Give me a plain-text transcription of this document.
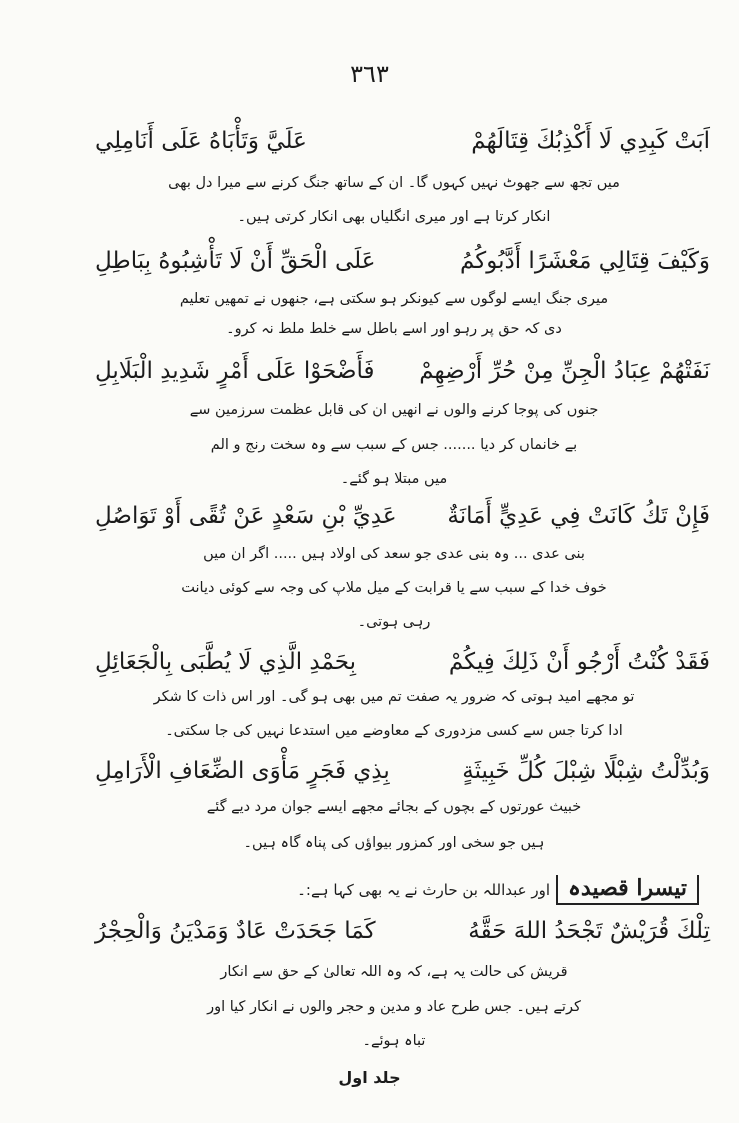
٣٦٣
اَبَتْ كَبِدِي لَا أَكْذِبُكَ قِتَالَهُمْ
عَلَيَّ وَتَأْبَاهُ عَلَى أَنَامِلِي
میں تجھ سے جھوٹ نہیں کہوں گا۔ ان کے ساتھ جنگ کرنے سے میرا دل بھی
انکار کرتا ہے اور میری انگلیاں بھی انکار کرتی ہیں۔
وَكَيْفَ قِتَالِي مَعْشَرًا أَدَّبُوكُمُ
عَلَى الْحَقِّ أَنْ لَا تَأْشِبُوهُ بِبَاطِلِ
میری جنگ ایسے لوگوں سے کیونکر ہو سکتی ہے، جنھوں نے تمھیں تعلیم
دی کہ حق پر رہو اور اسے باطل سے خلط ملط نہ کرو۔
نَفَتْهُمْ عِبَادُ الْجِنِّ مِنْ حُرِّ أَرْضِهِمْ
فَأَضْحَوْا عَلَى أَمْرٍ شَدِيدِ الْبَلَابِلِ
جنوں کی پوجا کرنے والوں نے انھیں ان کی قابل عظمت سرزمین سے
بے خانماں کر دیا ....... جس کے سبب سے وہ سخت رنج و الم
میں مبتلا ہو گئے۔
فَإِنْ تَكُ كَانَتْ فِي عَدِيٍّ أَمَانَةٌ
عَدِيِّ بْنِ سَعْدٍ عَنْ تُقًى أَوْ تَوَاصُلِ
بنی عدی ... وہ بنی عدی جو سعد کی اولاد ہیں ..... اگر ان میں
خوف خدا کے سبب سے یا قرابت کے میل ملاپ کی وجہ سے کوئی دیانت
رہی ہوتی۔
فَقَدْ كُنْتُ أَرْجُو أَنْ ذَلِكَ فِيكُمْ
بِحَمْدِ الَّذِي لَا يُطَّبَى بِالْجَعَائِلِ
تو مجھے امید ہوتی کہ ضرور یہ صفت تم میں بھی ہو گی۔ اور اس ذات کا شکر
ادا کرتا جس سے کسی مزدوری کے معاوضے میں استدعا نہیں کی جا سکتی۔
وَبُدِّلْتُ شِبْلًا شِبْلَ كُلِّ خَبِيثَةٍ
بِذِي فَجَرٍ مَأْوَى الضِّعَافِ الْأَرَامِلِ
خبیث عورتوں کے بچوں کے بجائے مجھے ایسے جوان مرد دیے گئے
ہیں جو سخی اور کمزور بیواؤں کی پناہ گاہ ہیں۔
تیسرا قصیدہ
اور عبداللہ بن حارث نے یہ بھی کہا ہے:۔
تِلْكَ قُرَيْشٌ تَجْحَدُ اللهَ حَقَّهُ
كَمَا جَحَدَتْ عَادٌ وَمَدْيَنُ وَالْحِجْرُ
قریش کی حالت یہ ہے، کہ وہ اللہ تعالیٰ کے حق سے انکار
کرتے ہیں۔ جس طرح عاد و مدین و حجر والوں نے انکار کیا اور
تباہ ہوئے۔
جلد اول
